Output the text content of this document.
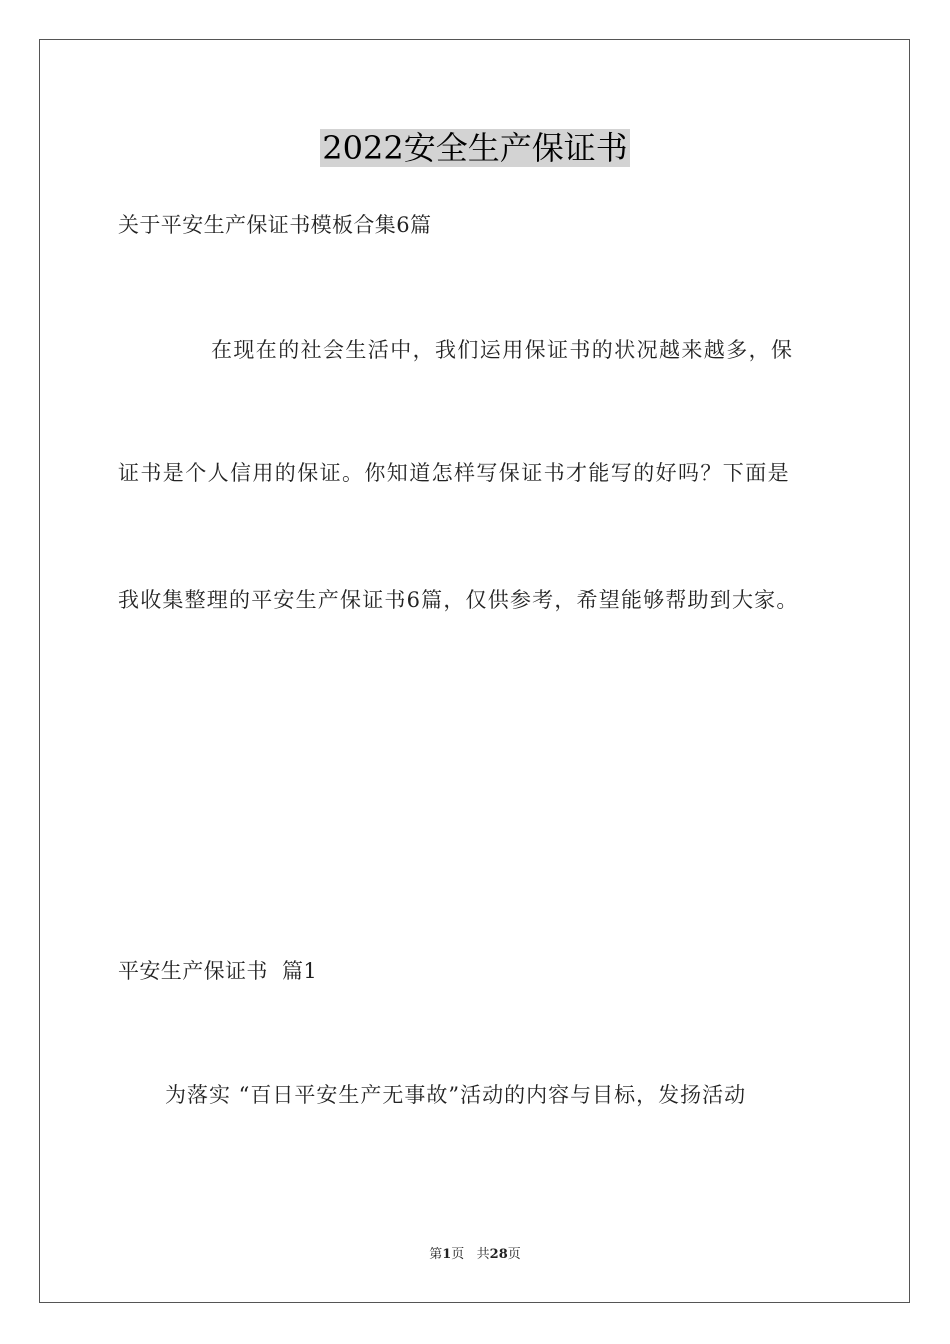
2022安全生产保证书
关于平安生产保证书模板合集6篇
在现在的社会生活中，我们运用保证书的状况越来越多，保
证书是个人信用的保证。你知道怎样写保证书才能写的好吗？下面是
我收集整理的平安生产保证书6篇，仅供参考，希望能够帮助到大家。
平安生产保证书  篇1
为落实 “百日平安生产无事故”活动的内容与目标，发扬活动
第1页   共28页
